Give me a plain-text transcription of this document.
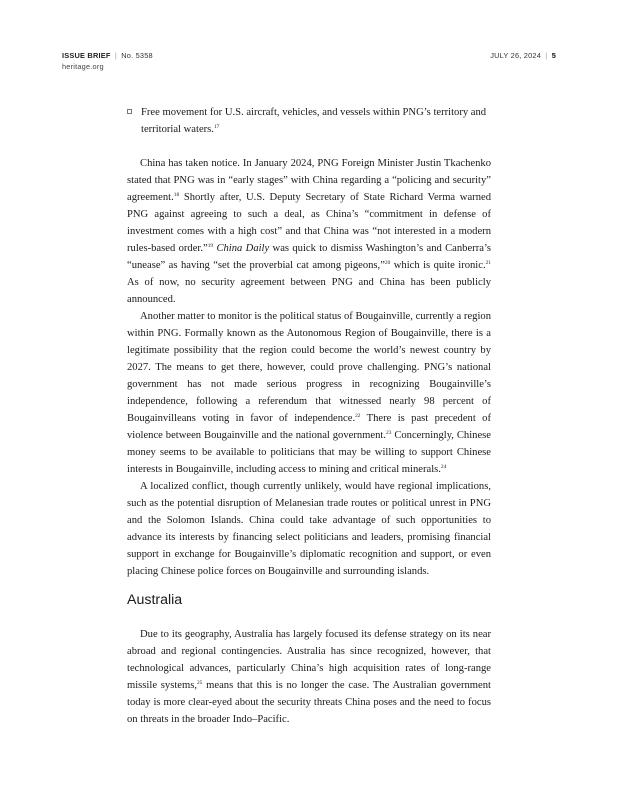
ISSUE BRIEF | No. 5358	JULY 26, 2024 | 5
heritage.org
Free movement for U.S. aircraft, vehicles, and vessels within PNG’s territory and territorial waters.$^{17}$

China has taken notice. In January 2024, PNG Foreign Minister Justin Tkachenko stated that PNG was in “early stages” with China regarding a “policing and security” agreement.$^{18}$ Shortly after, U.S. Deputy Secretary of State Richard Verma warned PNG against agreeing to such a deal, as China’s “commitment in defense of investment comes with a high cost” and that China was “not interested in a modern rules-based order.”$^{19}$ China Daily was quick to dismiss Washington’s and Canberra’s “unease” as having “set the proverbial cat among pigeons,”$^{20}$ which is quite ironic.$^{21}$ As of now, no security agreement between PNG and China has been publicly announced.

Another matter to monitor is the political status of Bougainville, currently a region within PNG. Formally known as the Autonomous Region of Bougainville, there is a legitimate possibility that the region could become the world’s newest country by 2027. The means to get there, however, could prove challenging. PNG’s national government has not made serious progress in recognizing Bougainville’s independence, following a referendum that witnessed nearly 98 percent of Bougainvilleans voting in favor of independence.$^{22}$ There is past precedent of violence between Bougainville and the national government.$^{23}$ Concerningly, Chinese money seems to be available to politicians that may be willing to support Chinese interests in Bougainville, including access to mining and critical minerals.$^{24}$

A localized conflict, though currently unlikely, would have regional implications, such as the potential disruption of Melanesian trade routes or political unrest in PNG and the Solomon Islands. China could take advantage of such opportunities to advance its interests by financing select politicians and leaders, promising financial support in exchange for Bougainville’s diplomatic recognition and support, or even placing Chinese police forces on Bougainville and surrounding islands.

Australia

Due to its geography, Australia has largely focused its defense strategy on its near abroad and regional contingencies. Australia has since recognized, however, that technological advances, particularly China’s high acquisition rates of long-range missile systems,$^{25}$ means that this is no longer the case. The Australian government today is more clear-eyed about the security threats China poses and the need to focus on threats in the broader Indo–Pacific.
